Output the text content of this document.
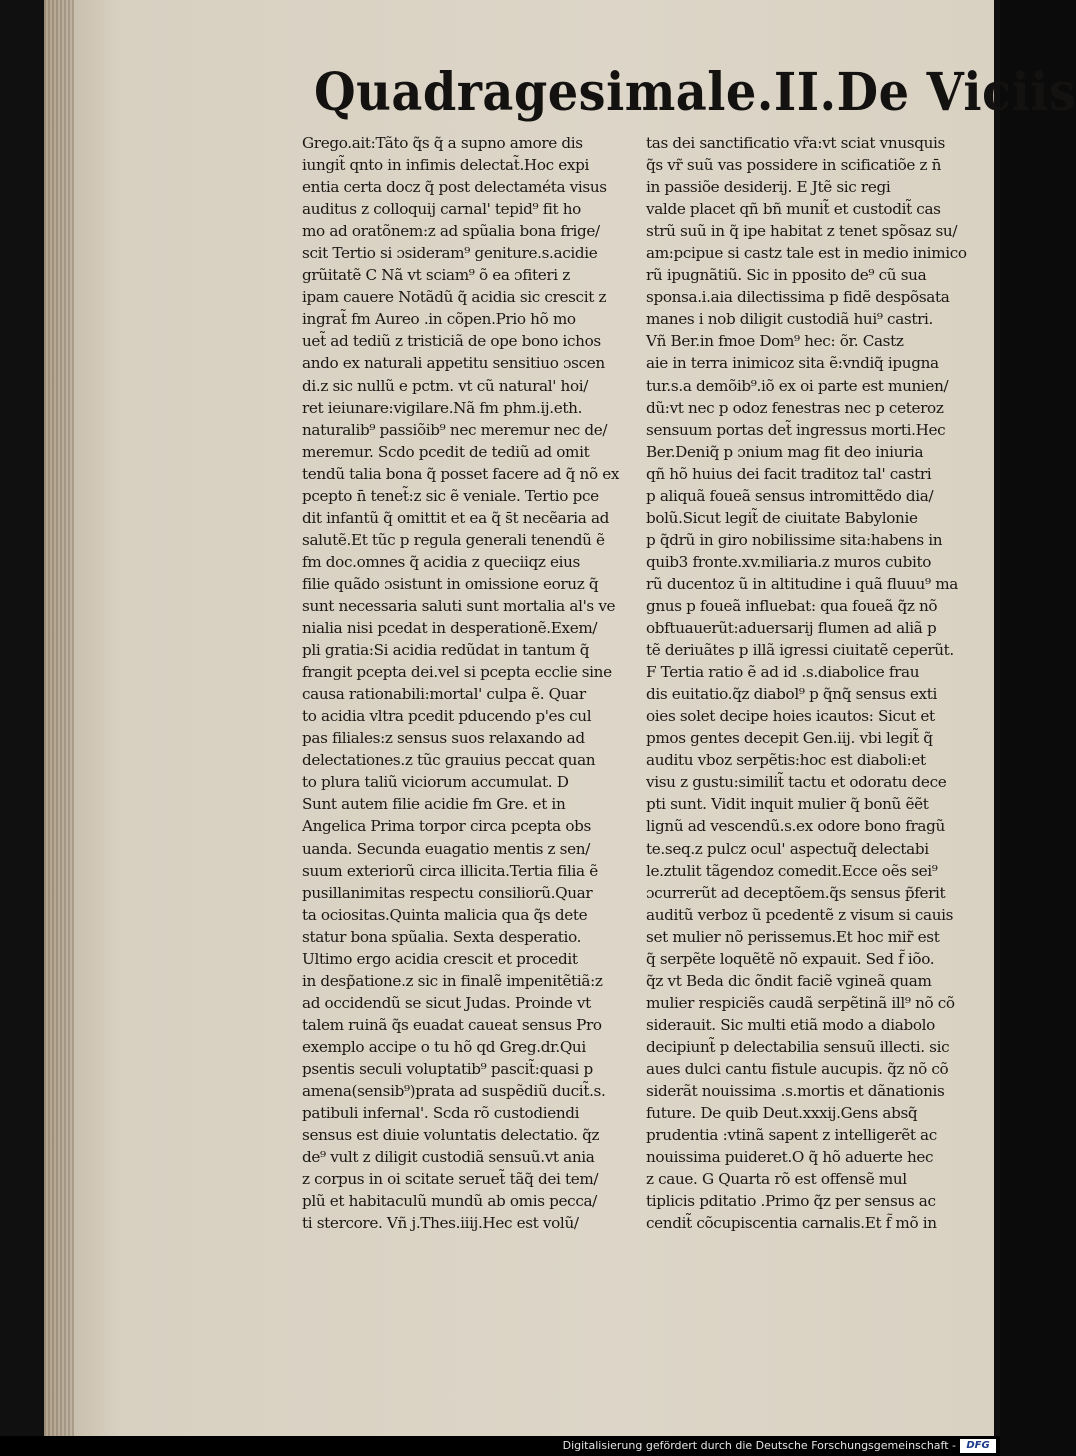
Quadragesimale.II.De Viciis
Grego.ait:Tãto q̃s q̃ a supno amore dis
iungit̃ qnto in infimis delectat̃.Hoc expi
entia certa docz q̃ post delectaméta visus
auditus z colloquij carnal' tepid⁹ fit ho
mo ad oratõnem:z ad spũalia bona frige/
scit Tertio si ɔsideram⁹ geniture.s.acidie
grũitatẽ C Nã vt sciam⁹ õ ea ɔfiteri z
ipam cauere Notãdũ q̃ acidia sic crescit z
ingrat̃ fm Aureo .in cõpen.Prio hõ mo
uet̃ ad tediũ z tristiciã de ope bono ichos
ando ex naturali appetitu sensitiuo ɔscen
di.z sic nullũ e pctm. vt cũ natural' hoi/
ret ieiunare:vigilare.Nã fm phm.ij.eth.
naturalib⁹ passiõib⁹ nec meremur nec de/
meremur. Scdo pcedit de tediũ ad omit
tendũ talia bona q̃ posset facere ad q̃ nõ ex
pcepto n̄ tenet̃:z sic ẽ veniale. Tertio pce
dit infantũ q̃ omittit et ea q̃ s̄t necẽaria ad
salutẽ.Et tũc p regula generali tenendũ ẽ
fm doc.omnes q̃ acidia z queciiqz eius
filie quãdo ɔsistunt in omissione eoruz q̃
sunt necessaria saluti sunt mortalia al's ve
nialia nisi pcedat in desperationẽ.Exem/
pli gratia:Si acidia redũdat in tantum q̃
frangit pcepta dei.vel si pcepta ecclie sine
causa rationabili:mortal' culpa ẽ. Quar
to acidia vltra pcedit pducendo p'es cul
pas filiales:z sensus suos relaxando ad
delectationes.z tũc grauius peccat quan
to plura taliũ viciorum accumulat. D
Sunt autem filie acidie fm Gre. et in
Angelica Prima torpor circa pcepta obs
uanda. Secunda euagatio mentis z sen/
suum exteriorũ circa illicita.Tertia filia ẽ
pusillanimitas respectu consiliorũ.Quar
ta ociositas.Quinta malicia qua q̃s dete
statur bona spũalia. Sexta desperatio.
Ultimo ergo acidia crescit et procedit
in desp̃atione.z sic in finalẽ impenitẽtiã:z
ad occidendũ se sicut Judas. Proinde vt
talem ruinã q̃s euadat caueat sensus Pro
exemplo accipe o tu hõ qd Greg.dr.Qui
psentis seculi voluptatib⁹ pascit̃:quasi p
amena(sensib⁹)prata ad suspẽdiũ ducit̃.s.
patibuli infernal'. Scda rõ custodiendi
sensus est diuie voluntatis delectatio. q̃z
de⁹ vult z diligit custodiã sensuũ.vt ania
z corpus in oi scitate seruet̃ tãq̃ dei tem/
plũ et habitaculũ mundũ ab omis pecca/
ti stercore. Vñ j.Thes.iiij.Hec est volũ/
tas dei sanctificatio vr̃a:vt sciat vnusquis
q̃s vr̃ suũ vas possidere in scificatiõe z n̄
in passiõe desiderij. E Jtẽ sic regi
valde placet qñ bñ munit̃ et custodit̃ cas
strũ suũ in q̃ ipe habitat z tenet spõsaz su/
am:pcipue si castz tale est in medio inimico
rũ ipugnãtiũ. Sic in pposito de⁹ cũ sua
sponsa.i.aia dilectissima p fidẽ despõsata
manes i nob diligit custodiã hui⁹ castri.
Vñ Ber.in fmoe Dom⁹ hec: õr. Castz
aie in terra inimicoz sita ẽ:vndiq̃ ipugna
tur.s.a demõib⁹.iõ ex oi parte est munien/
dũ:vt nec p odoz fenestras nec p ceteroz
sensuum portas det̃ ingressus morti.Hec
Ber.Deniq̃ p ɔnium mag fit deo iniuria
qñ hõ huius dei facit traditoz tal' castri
p aliquã foueã sensus intromittẽdo dia/
bolũ.Sicut legit̃ de ciuitate Babylonie
p q̃drũ in giro nobilissime sita:habens in
quib3 fronte.xv.miliaria.z muros cubito
rũ ducentoz ũ in altitudine i quã fluuu⁹ ma
gnus p foueã influebat: qua foueã q̃z nõ
obftuauerũt:aduersarij flumen ad aliã p
tẽ deriuãtes p illã igressi ciuitatẽ ceperũt.
F Tertia ratio ẽ ad id .s.diabolice frau
dis euitatio.q̃z diabol⁹ p q̃nq̃ sensus exti
oies solet decipe hoies icautos: Sicut et
pmos gentes decepit Gen.iij. vbi legit̃ q̃
auditu vboz serpẽtis:hoc est diaboli:et
visu z gustu:similit̃ tactu et odoratu dece
pti sunt. Vidit inquit mulier q̃ bonũ ẽẽt
lignũ ad vescendũ.s.ex odore bono fragũ
te.seq.z pulcz ocul' aspectuq̃ delectabi
le.ztulit tãgendoz comedit.Ecce oẽs sei⁹
ɔcurrerũt ad deceptõem.q̃s sensus p̃ferit
auditũ verboz ũ pcedentẽ z visum si cauis
set mulier nõ perissemus.Et hoc mir̃ est
q̃ serpẽte loquẽtẽ nõ expauit. Sed f̃ iõo.
q̃z vt Beda dic õndit faciẽ vgineã quam
mulier respiciẽs caudã serpẽtinã ill⁹ nõ cõ
siderauit. Sic multi etiã modo a diabolo
decipiunt̃ p delectabilia sensuũ illecti. sic
aues dulci cantu fistule aucupis. q̃z nõ cõ
siderãt nouissima .s.mortis et dãnationis
future. De quib Deut.xxxij.Gens absq̃
prudentia :vtinã sapent z intelligerẽt ac
nouissima puideret.O q̃ hõ aduerte hec
z caue. G Quarta rõ est offensẽ mul
tiplicis pditatio .Primo q̃z per sensus ac
cendit̃ cõcupiscentia carnalis.Et f̃ mõ in
Digitalisierung gefördert durch die Deutsche Forschungsgemeinschaft -	DFG
